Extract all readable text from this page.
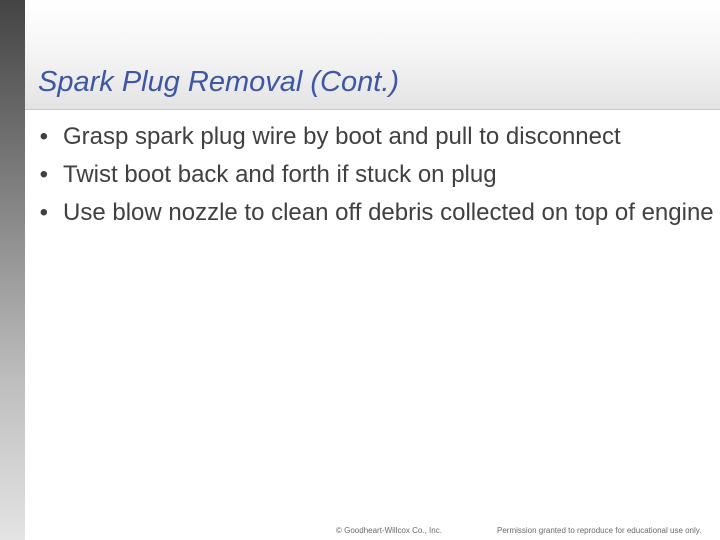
Spark Plug Removal (Cont.)
• Grasp spark plug wire by boot and pull to disconnect
• Twist boot back and forth if stuck on plug
• Use blow nozzle to clean off debris collected on top of engine
© Goodheart-Willcox Co., Inc.	Permission granted to reproduce for educational use only.
